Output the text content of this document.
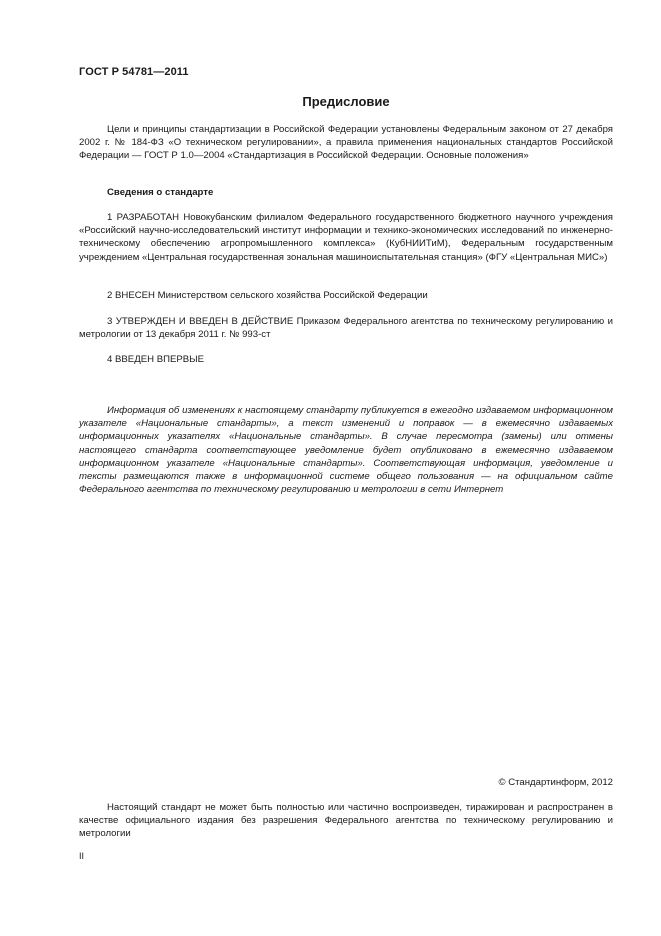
ГОСТ Р 54781—2011
Предисловие

Цели и принципы стандартизации в Российской Федерации установлены Федеральным законом от 27 декабря 2002 г. № 184-ФЗ «О техническом регулировании», а правила применения национальных стандартов Российской Федерации — ГОСТ Р 1.0—2004 «Стандартизация в Российской Федерации. Основные положения»

Сведения о стандарте

1 РАЗРАБОТАН Новокубанским филиалом Федерального государственного бюджетного научного учреждения «Российский научно-исследовательский институт информации и технико-экономических исследований по инженерно-техническому обеспечению агропромышленного комплекса» (КубНИИТиМ), Федеральным государственным учреждением «Центральная государственная зональная машиноиспытательная станция» (ФГУ «Центральная МИС»)

2 ВНЕСЕН Министерством сельского хозяйства Российской Федерации

3 УТВЕРЖДЕН И ВВЕДЕН В ДЕЙСТВИЕ Приказом Федерального агентства по техническому регулированию и метрологии от 13 декабря 2011 г. № 993-ст

4 ВВЕДЕН ВПЕРВЫЕ

Информация об изменениях к настоящему стандарту публикуется в ежегодно издаваемом информационном указателе «Национальные стандарты», а текст изменений и поправок — в ежемесячно издаваемых информационных указателях «Национальные стандарты». В случае пересмотра (замены) или отмены настоящего стандарта соответствующее уведомление будет опубликовано в ежемесячно издаваемом информационном указателе «Национальные стандарты». Соответствующая информация, уведомление и тексты размещаются также в информационной системе общего пользования — на официальном сайте Федерального агентства по техническому регулированию и метрологии в сети Интернет

© Стандартинформ, 2012

Настоящий стандарт не может быть полностью или частично воспроизведен, тиражирован и распространен в качестве официального издания без разрешения Федерального агентства по техническому регулированию и метрологии

II
